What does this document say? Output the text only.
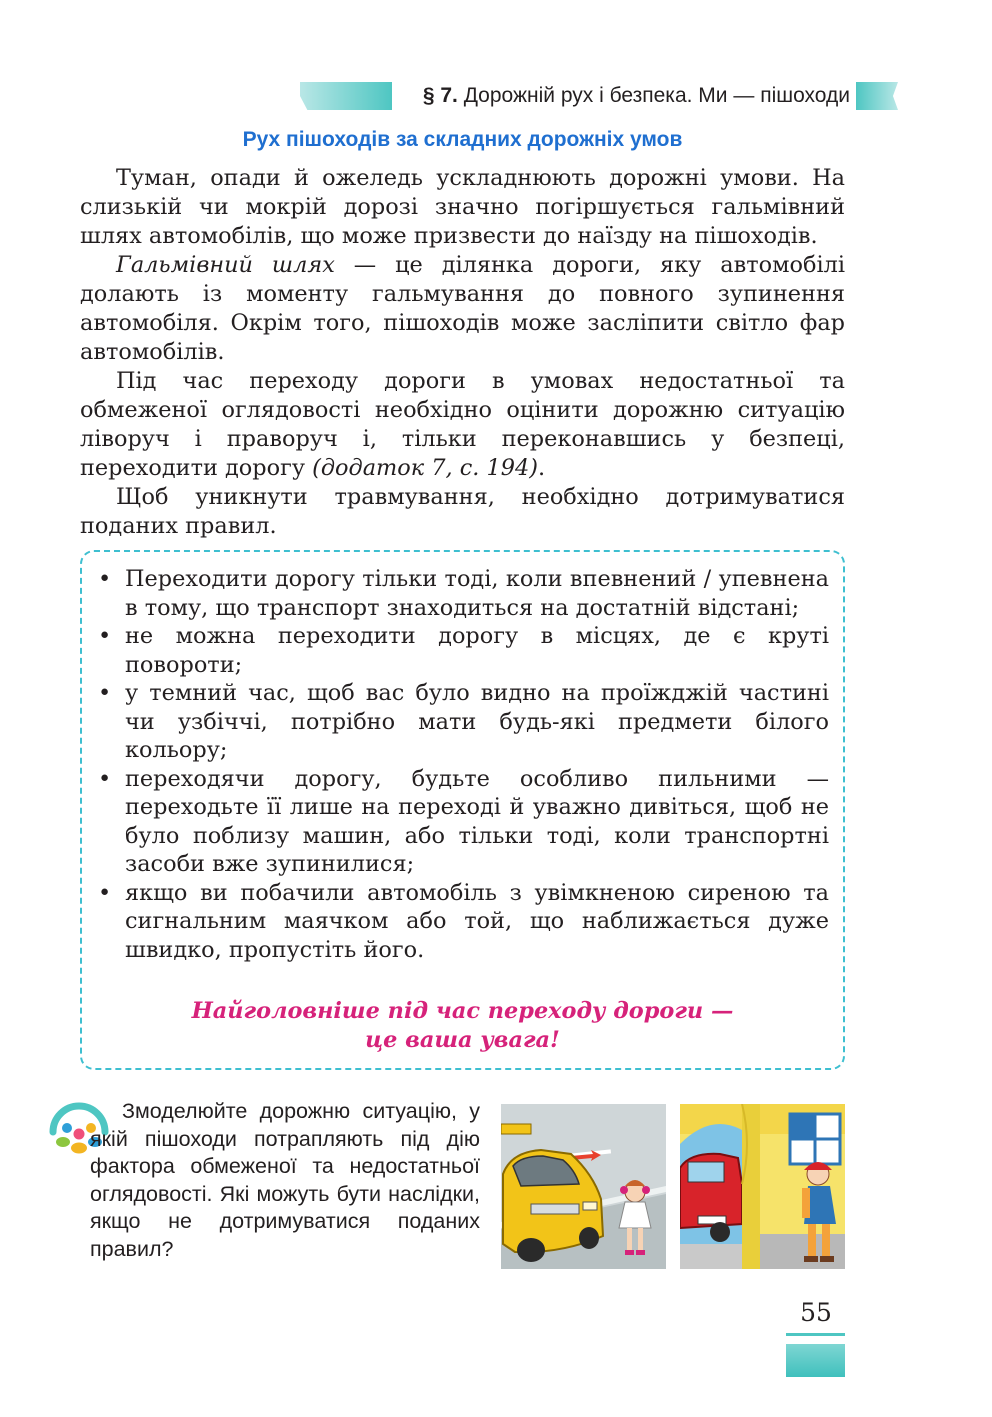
§ 7. Дорожній рух і безпека. Ми — пішоходи
Рух пішоходів за складних дорожніх умов

Туман, опади й ожеледь ускладнюють дорожні умови. На слизькій чи мокрій дорозі значно погіршується гальмівний шлях автомобілів, що може призвести до наїзду на пішоходів.

Гальмівний шлях — це ділянка дороги, яку автомобілі долають із моменту гальмування до повного зупинення автомобіля. Окрім того, пішоходів може засліпити світло фар автомобілів.

Під час переходу дороги в умовах недостатньої та обмеженої оглядовості необхідно оцінити дорожню ситуацію ліворуч і праворуч і, тільки переконавшись у безпеці, переходити дорогу (додаток 7, с. 194).

Щоб уникнути травмування, необхідно дотримуватися поданих правил.

• Переходити дорогу тільки тоді, коли впевнений / упевнена в тому, що транспорт знаходиться на достатній відстані;
• не можна переходити дорогу в місцях, де є круті повороти;
• у темний час, щоб вас було видно на проїжджій частині чи узбіччі, потрібно мати будь-які предмети білого кольору;
• переходячи дорогу, будьте особливо пильними — переходьте її лише на переході й уважно дивіться, щоб не було поблизу машин, або тільки тоді, коли транспортні засоби вже зупинилися;
• якщо ви побачили автомобіль з увімкненою сиреною та сигнальним маячком або той, що наближається дуже швидко, пропустіть його.
Найголовніше під час переходу дороги —
це ваша увага!
Змоделюйте дорожню ситуацію, у якій пішоходи потрапляють під дію фактора обмеженої та недостатньої оглядовості. Які можуть бути наслідки, якщо не дотримуватися поданих правил?
55
